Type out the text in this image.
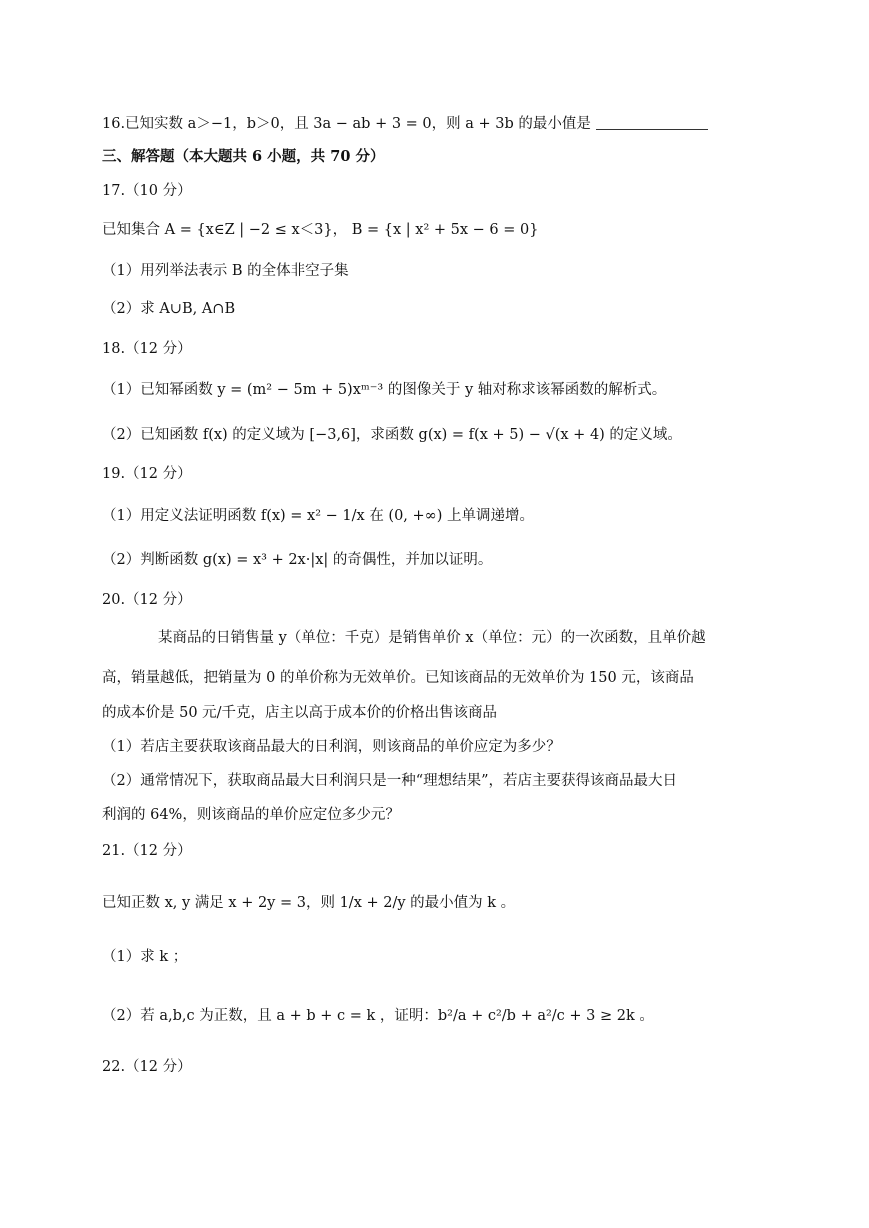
16.已知实数 a＞−1，b＞0，且 3a − ab + 3 = 0，则 a + 3b 的最小值是
三、解答题（本大题共 6 小题，共 70 分）
17.（10 分）
已知集合 A = {x∈Z | −2 ≤ x＜3}， B = {x | x² + 5x − 6 = 0}
（1）用列举法表示 B 的全体非空子集
（2）求 A∪B, A∩B
18.（12 分）
（1）已知幂函数 y = (m² − 5m + 5)xᵐ⁻³ 的图像关于 y 轴对称求该幂函数的解析式。
（2）已知函数 f(x) 的定义域为 [−3,6]，求函数 g(x) = f(x + 5) − √(x + 4) 的定义域。
19.（12 分）
（1）用定义法证明函数 f(x) = x² − 1/x 在 (0, +∞) 上单调递增。
（2）判断函数 g(x) = x³ + 2x·|x| 的奇偶性，并加以证明。
20.（12 分）
某商品的日销售量 y（单位：千克）是销售单价 x（单位：元）的一次函数，且单价越
高，销量越低，把销量为 0 的单价称为无效单价。已知该商品的无效单价为 150 元，该商品
的成本价是 50 元/千克，店主以高于成本价的价格出售该商品
（1）若店主要获取该商品最大的日利润，则该商品的单价应定为多少？
（2）通常情况下，获取商品最大日利润只是一种“理想结果”，若店主要获得该商品最大日
利润的 64%，则该商品的单价应定位多少元？
21.（12 分）
已知正数 x, y 满足 x + 2y = 3，则 1/x + 2/y 的最小值为 k 。
（1）求 k ；
（2）若 a,b,c 为正数，且 a + b + c = k ，证明：b²/a + c²/b + a²/c + 3 ≥ 2k 。
22.（12 分）
